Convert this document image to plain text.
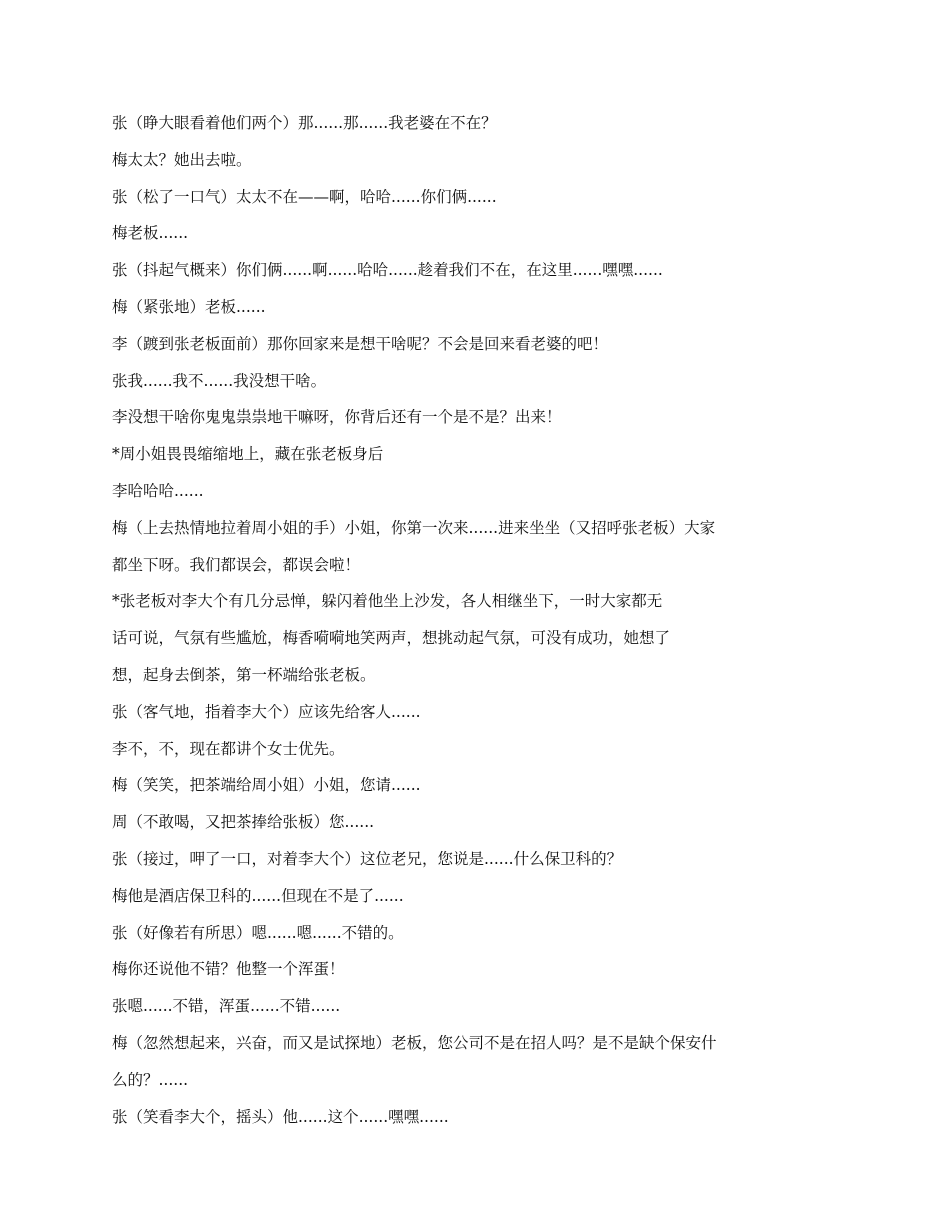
张（睁大眼看着他们两个）那......那......我老婆在不在？
梅太太？她出去啦。
张（松了一口气）太太不在——啊，哈哈......你们俩......
梅老板......
张（抖起气概来）你们俩......啊......哈哈......趁着我们不在，在这里......嘿嘿......
梅（紧张地）老板......
李（踱到张老板面前）那你回家来是想干啥呢？不会是回来看老婆的吧！
张我......我不......我没想干啥。
李没想干啥你鬼鬼祟祟地干嘛呀，你背后还有一个是不是？出来！
*周小姐畏畏缩缩地上，藏在张老板身后
李哈哈哈......
梅（上去热情地拉着周小姐的手）小姐，你第一次来......进来坐坐（又招呼张老板）大家
都坐下呀。我们都误会，都误会啦！
*张老板对李大个有几分忌惮，躲闪着他坐上沙发，各人相继坐下，一时大家都无
话可说，气氛有些尴尬，梅香嗬嗬地笑两声，想挑动起气氛，可没有成功，她想了
想，起身去倒茶，第一杯端给张老板。
张（客气地，指着李大个）应该先给客人......
李不，不，现在都讲个女士优先。
梅（笑笑，把茶端给周小姐）小姐，您请......
周（不敢喝，又把茶捧给张板）您......
张（接过，呷了一口，对着李大个）这位老兄，您说是......什么保卫科的？
梅他是酒店保卫科的......但现在不是了......
张（好像若有所思）嗯......嗯......不错的。
梅你还说他不错？他整一个浑蛋！
张嗯......不错，浑蛋......不错......
梅（忽然想起来，兴奋，而又是试探地）老板，您公司不是在招人吗？是不是缺个保安什
么的？......
张（笑看李大个，摇头）他......这个......嘿嘿......
